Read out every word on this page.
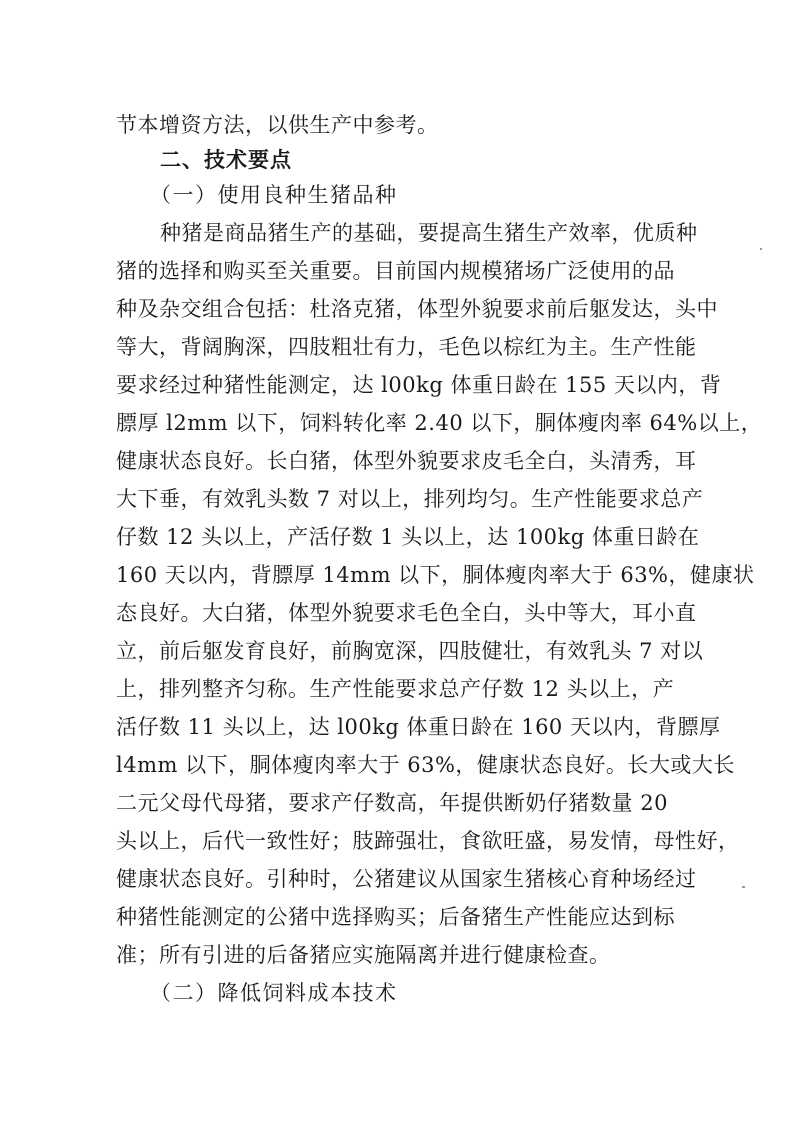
节本增资方法，以供生产中参考。
二、技术要点
（一）使用良种生猪品种
种猪是商品猪生产的基础，要提高生猪生产效率，优质种
猪的选择和购买至关重要。目前国内规模猪场广泛使用的品
种及杂交组合包括：杜洛克猪，体型外貌要求前后躯发达，头中
等大，背阔胸深，四肢粗壮有力，毛色以棕红为主。生产性能
要求经过种猪性能测定，达 l00kg 体重日龄在 155 天以内，背
膘厚 l2mm 以下，饲料转化率 2.40 以下，胴体瘦肉率 64%以上，
健康状态良好。长白猪，体型外貌要求皮毛全白，头清秀，耳
大下垂，有效乳头数 7 对以上，排列均匀。生产性能要求总产
仔数 12 头以上，产活仔数 1 头以上，达 100kg 体重日龄在
160 天以内，背膘厚 14mm 以下，胴体瘦肉率大于 63%，健康状
态良好。大白猪，体型外貌要求毛色全白，头中等大，耳小直
立，前后躯发育良好，前胸宽深，四肢健壮，有效乳头 7 对以
上，排列整齐匀称。生产性能要求总产仔数 12 头以上，产
活仔数 11 头以上，达 l00kg 体重日龄在 160 天以内，背膘厚
l4mm 以下，胴体瘦肉率大于 63%，健康状态良好。长大或大长
二元父母代母猪，要求产仔数高，年提供断奶仔猪数量 20
头以上，后代一致性好；肢蹄强壮，食欲旺盛，易发情，母性好，
健康状态良好。引种时，公猪建议从国家生猪核心育种场经过
种猪性能测定的公猪中选择购买；后备猪生产性能应达到标
准；所有引进的后备猪应实施隔离并进行健康检查。
（二）降低饲料成本技术
